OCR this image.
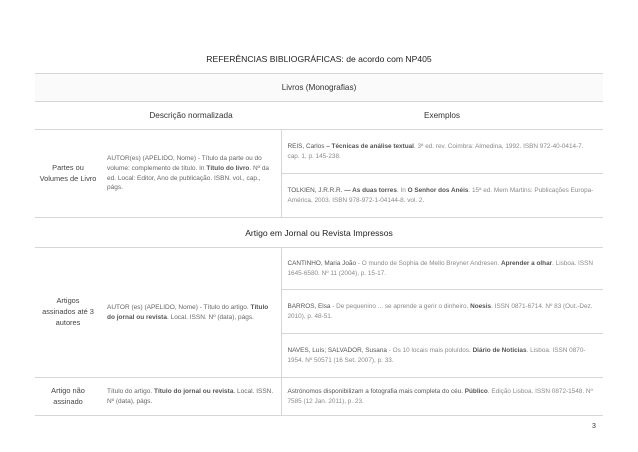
REFERÊNCIAS BIBLIOGRÁFICAS: de acordo com NP405		
Livros (Monografias)		
	Descrição normalizada	Exemplos
Partes ou Volumes de Livro	AUTOR(es) (APELIDO, Nome) - Título da parte ou do volume: complemento de título. In Título do livro. Nº da ed. Local: Editor, Ano de publicação. ISBN. vol., cap., págs.	REIS, Carlos – Técnicas de análise textual. 3ª ed. rev. Coimbra: Almedina, 1992. ISBN 972-40-0414-7. cap. 1, p. 145-238.
		TOLKIEN, J.R.R.R. — As duas torres. In O Senhor dos Anéis. 15ª ed. Mem Martins: Publicações Europa-América, 2003. ISBN 978-972-1-04144-8. vol. 2.
Artigo em Jornal ou Revista Impressos		
Artigos assinados até 3 autores	AUTOR (es) (APELIDO, Nome) - Título do artigo. Título do jornal ou revista. Local. ISSN. Nº (data), págs.	CANTINHO, Maria João - O mundo de Sophia de Mello Breyner Andresen. Aprender a olhar. Lisboa. ISSN 1645-6580. Nº 11 (2004), p. 15-17.
		BARROS, Elsa - De pequenino ... se aprende a gerir o dinheiro. Noesis. ISSN 0871-6714. Nº 83 (Out.-Dez. 2010), p. 48-51.
		NAVES, Luís; SALVADOR, Susana - Os 10 locais mais poluídos. Diário de Notícias. Lisboa. ISSN 0870-1954. Nº 50571 (16 Set. 2007), p. 33.
Artigo não assinado	Título do artigo. Título do jornal ou revista. Local. ISSN. Nº (data), págs.	Astrónomos disponibilizam a fotografia mais completa do céu. Público. Edição Lisboa. ISSN 0872-1548. Nº 7585 (12 Jan. 2011), p. 23.
3
